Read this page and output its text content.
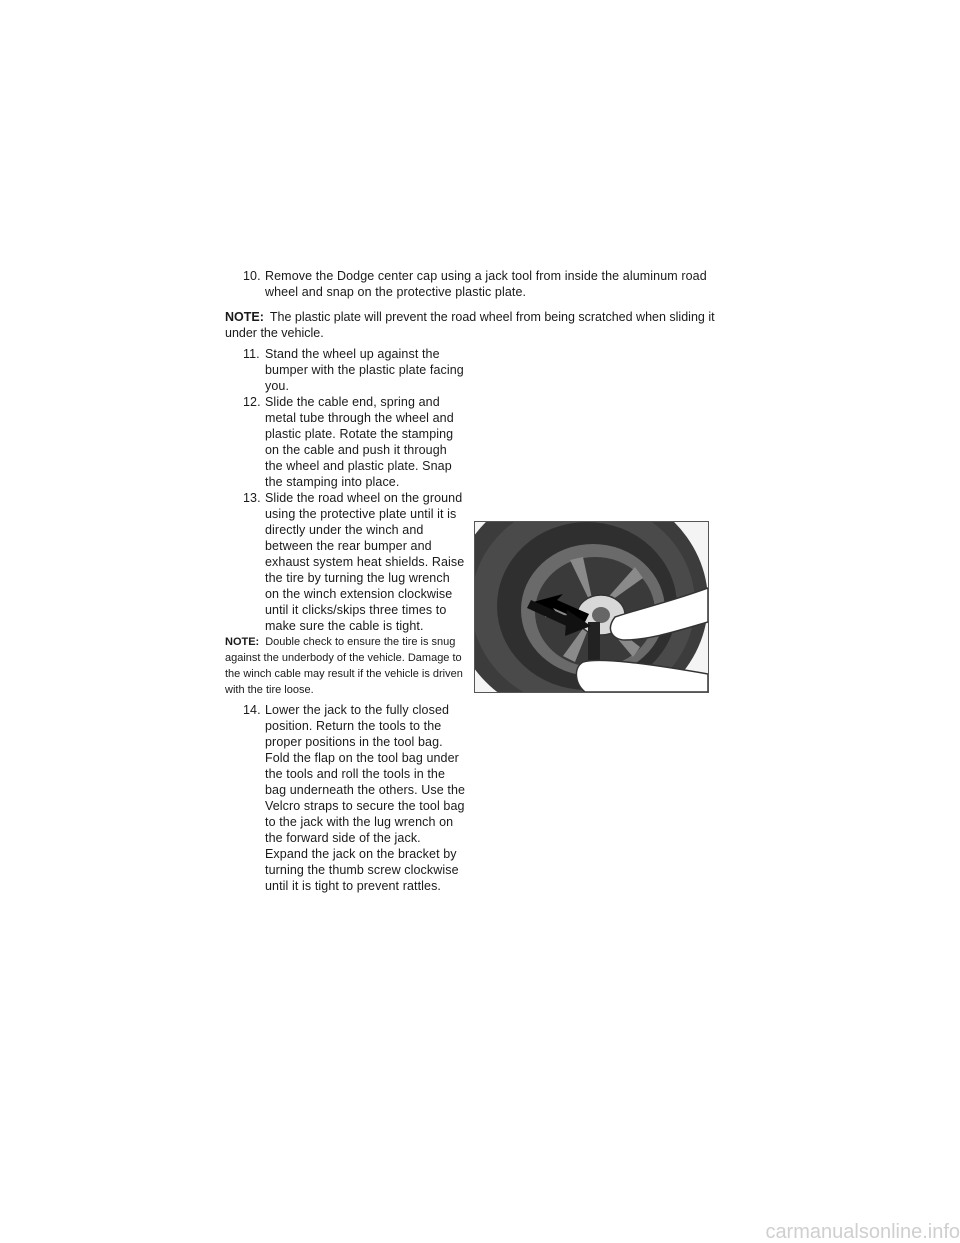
10. Remove the Dodge center cap using a jack tool from inside the aluminum road wheel and snap on the protective plastic plate.
NOTE: The plastic plate will prevent the road wheel from being scratched when sliding it under the vehicle.
11. Stand the wheel up against the bumper with the plastic plate facing you.
12. Slide the cable end, spring and metal tube through the wheel and plastic plate. Rotate the stamping on the cable and push it through the wheel and plastic plate. Snap the stamping into place.
13. Slide the road wheel on the ground using the protective plate until it is directly under the winch and between the rear bumper and exhaust system heat shields. Raise the tire by turning the lug wrench on the winch extension clockwise until it clicks/skips three times to make sure the cable is tight.
NOTE: Double check to ensure the tire is snug against the underbody of the vehicle. Damage to the winch cable may result if the vehicle is driven with the tire loose.
14. Lower the jack to the fully closed position. Return the tools to the proper positions in the tool bag. Fold the flap on the tool bag under the tools and roll the tools in the bag underneath the others. Use the Velcro straps to secure the tool bag to the jack with the lug wrench on the forward side of the jack. Expand the jack on the bracket by turning the thumb screw clockwise until it is tight to prevent rattles.
carmanualsonline.info
